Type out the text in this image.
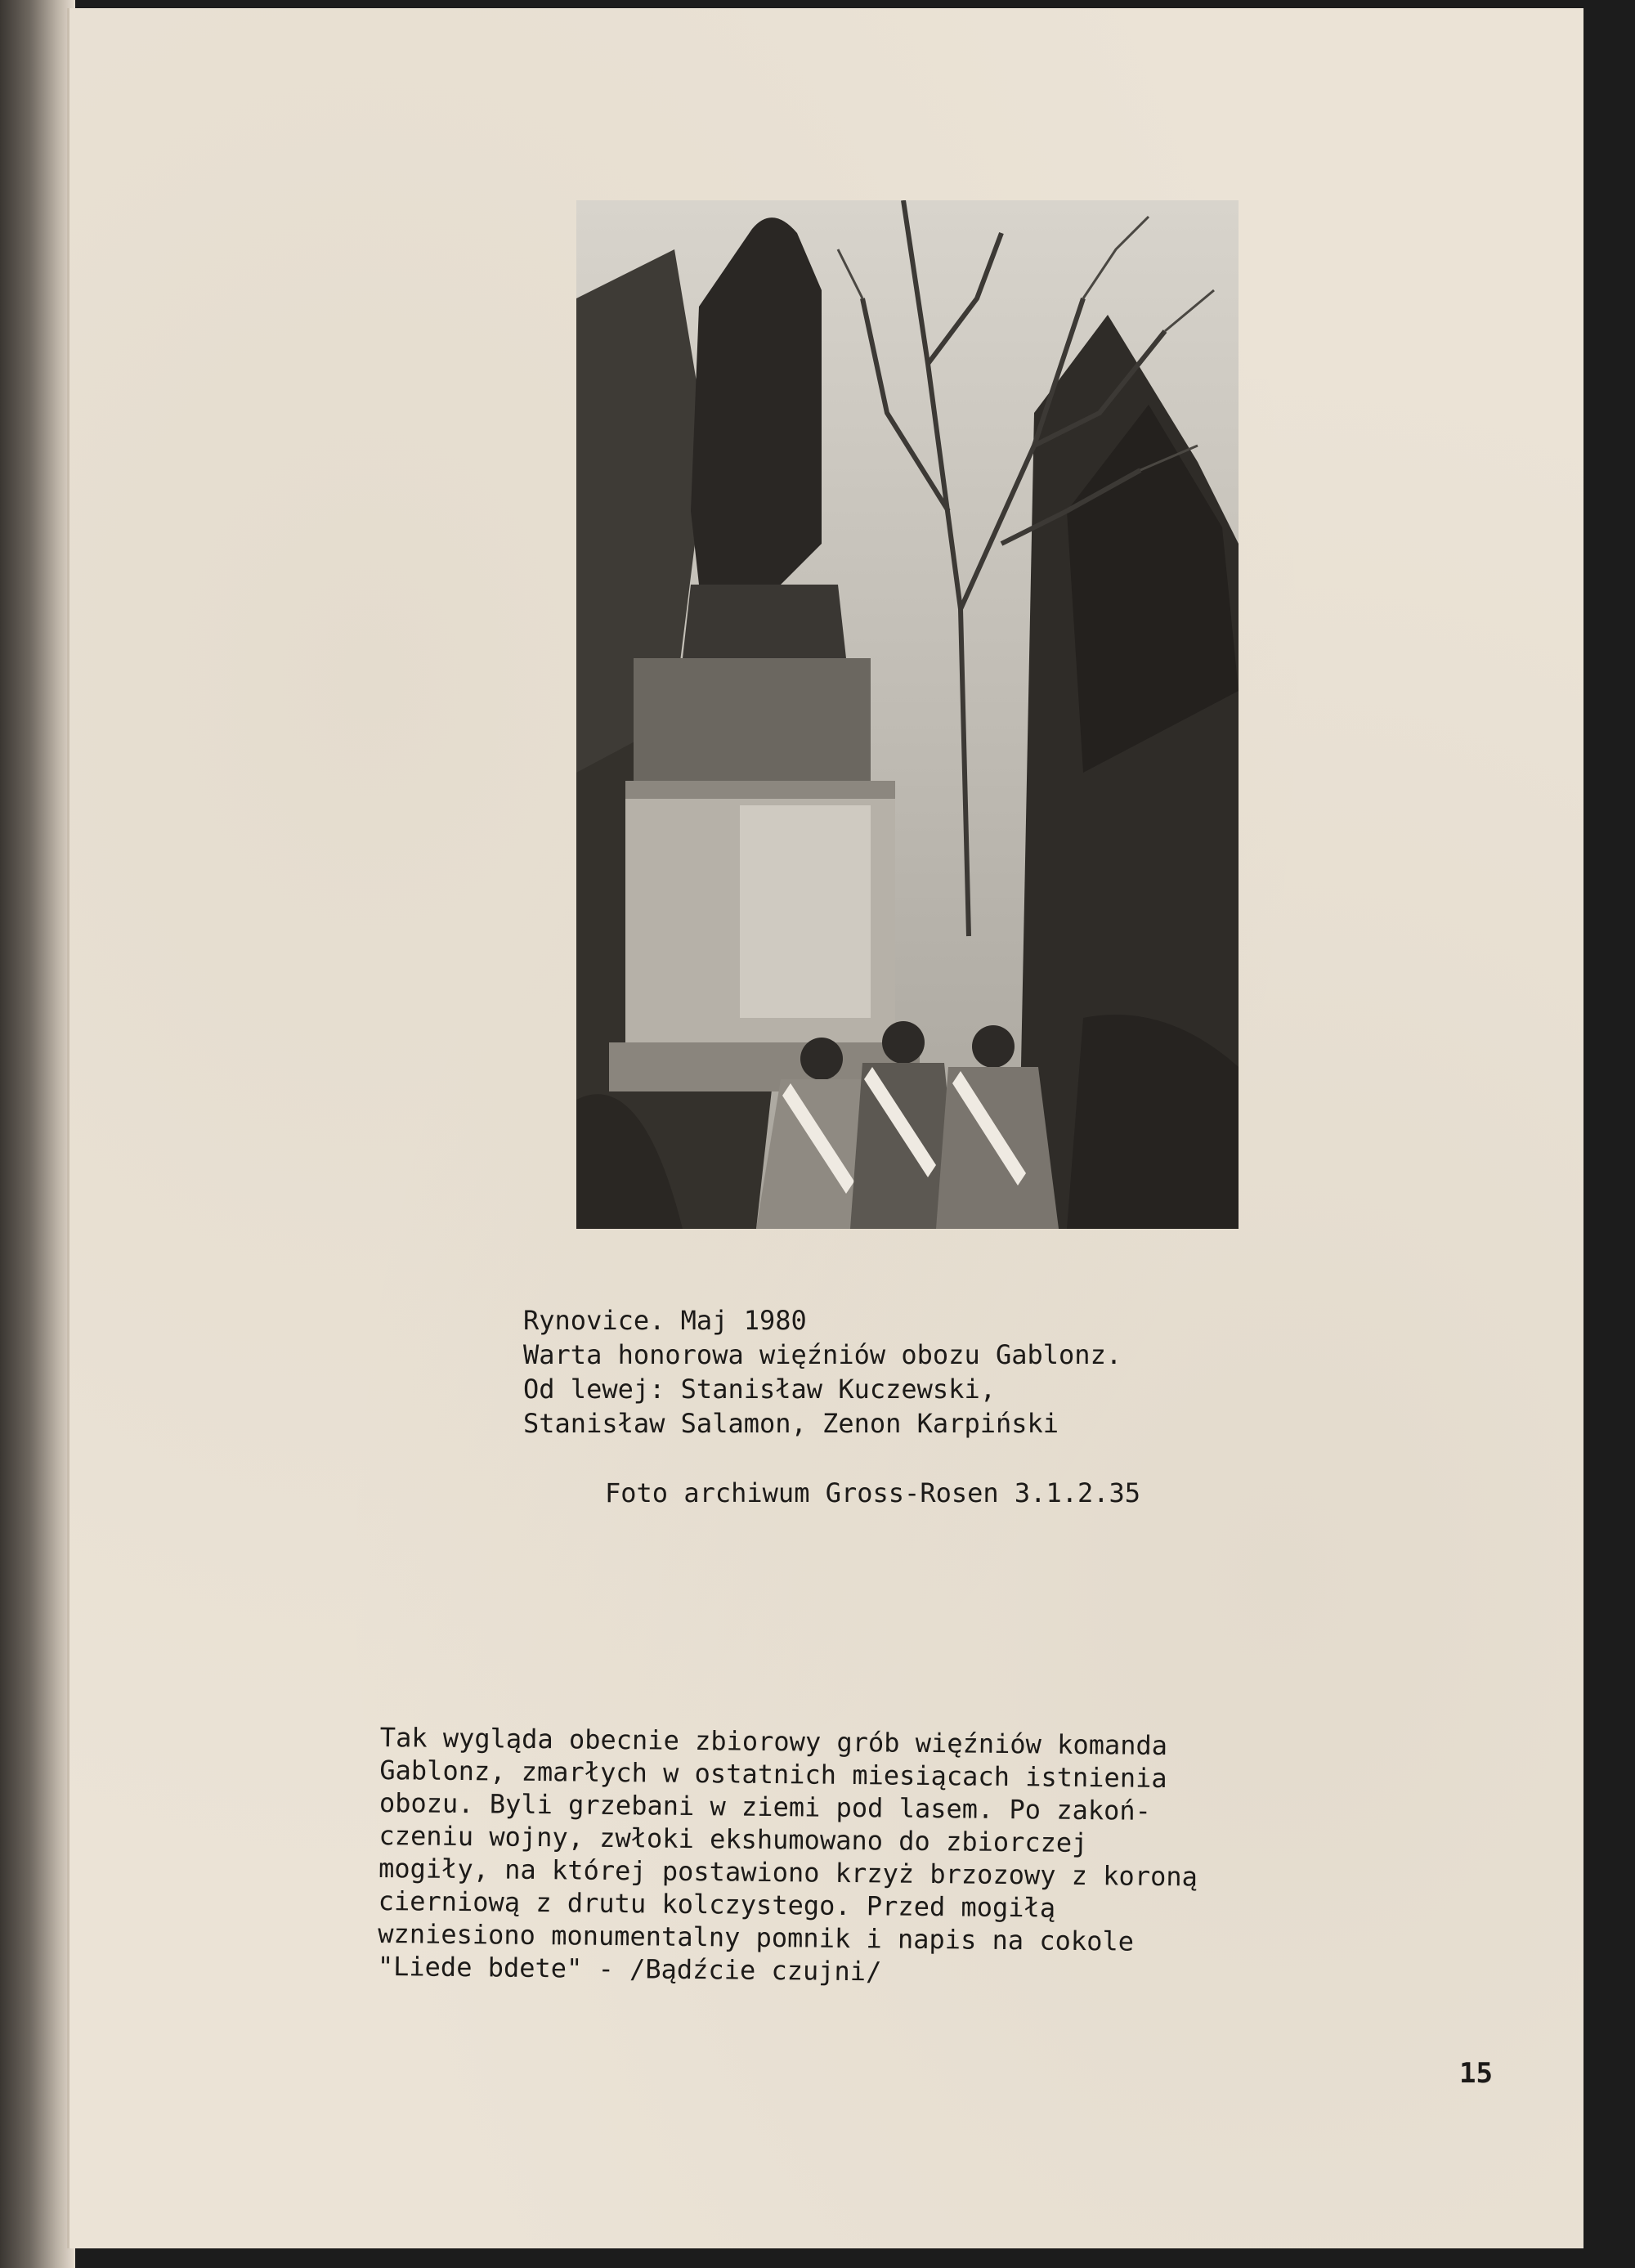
Rynovice. Maj 1980
Warta honorowa więźniów obozu Gablonz.
Od lewej: Stanisław Kuczewski,
Stanisław Salamon, Zenon Karpiński

Foto archiwum Gross-Rosen 3.1.2.35

Tak wygląda obecnie zbiorowy grób więźniów komanda
Gablonz, zmarłych w ostatnich miesiącach istnienia
obozu. Byli grzebani w ziemi pod lasem. Po zakoń-
czeniu wojny, zwłoki ekshumowano do zbiorczej
mogiły, na której postawiono krzyż brzozowy z koroną
cierniową z drutu kolczystego. Przed mogiłą
wzniesiono monumentalny pomnik i napis na cokole
"Liede bdete" - /Bądźcie czujni/

15
